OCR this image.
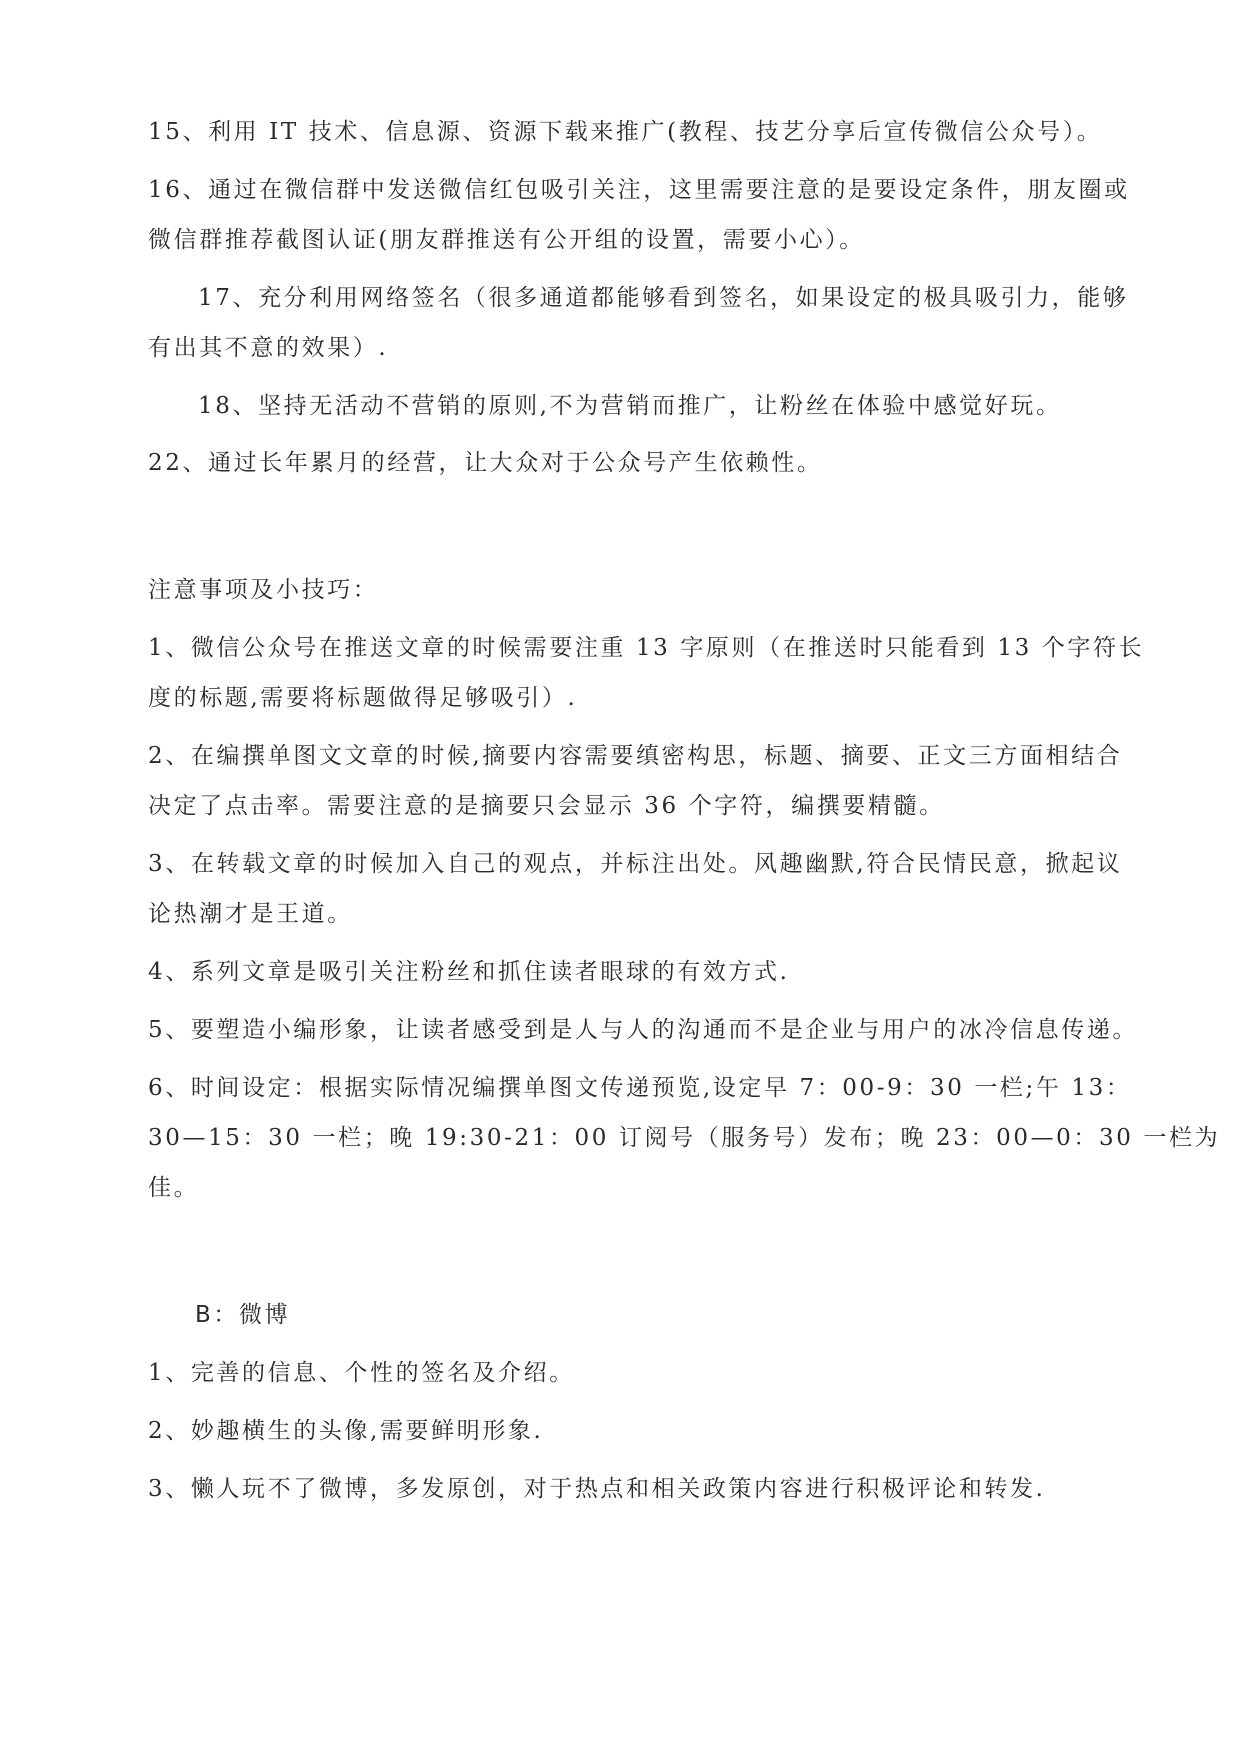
15、利用 IT 技术、信息源、资源下载来推广(教程、技艺分享后宣传微信公众号）。
16、通过在微信群中发送微信红包吸引关注，这里需要注意的是要设定条件，朋友圈或
微信群推荐截图认证(朋友群推送有公开组的设置，需要小心）。
17、充分利用网络签名（很多通道都能够看到签名，如果设定的极具吸引力，能够
有出其不意的效果）.
18、坚持无活动不营销的原则,不为营销而推广，让粉丝在体验中感觉好玩。
22、通过长年累月的经营，让大众对于公众号产生依赖性。
注意事项及小技巧：
1、微信公众号在推送文章的时候需要注重 13 字原则（在推送时只能看到 13 个字符长
度的标题,需要将标题做得足够吸引）.
2、在编撰单图文文章的时候,摘要内容需要缜密构思，标题、摘要、正文三方面相结合
决定了点击率。需要注意的是摘要只会显示 36 个字符，编撰要精髓。
3、在转载文章的时候加入自己的观点，并标注出处。风趣幽默,符合民情民意，掀起议
论热潮才是王道。
4、系列文章是吸引关注粉丝和抓住读者眼球的有效方式.
5、要塑造小编形象，让读者感受到是人与人的沟通而不是企业与用户的冰冷信息传递。
6、时间设定：根据实际情况编撰单图文传递预览,设定早 7：00-9：30 一栏;午 13：
30—15：30 一栏；晚 19:30-21：00 订阅号（服务号）发布；晚 23：00—0：30 一栏为
佳。
B：微博
1、完善的信息、个性的签名及介绍。
2、妙趣横生的头像,需要鲜明形象.
3、懒人玩不了微博，多发原创，对于热点和相关政策内容进行积极评论和转发.
